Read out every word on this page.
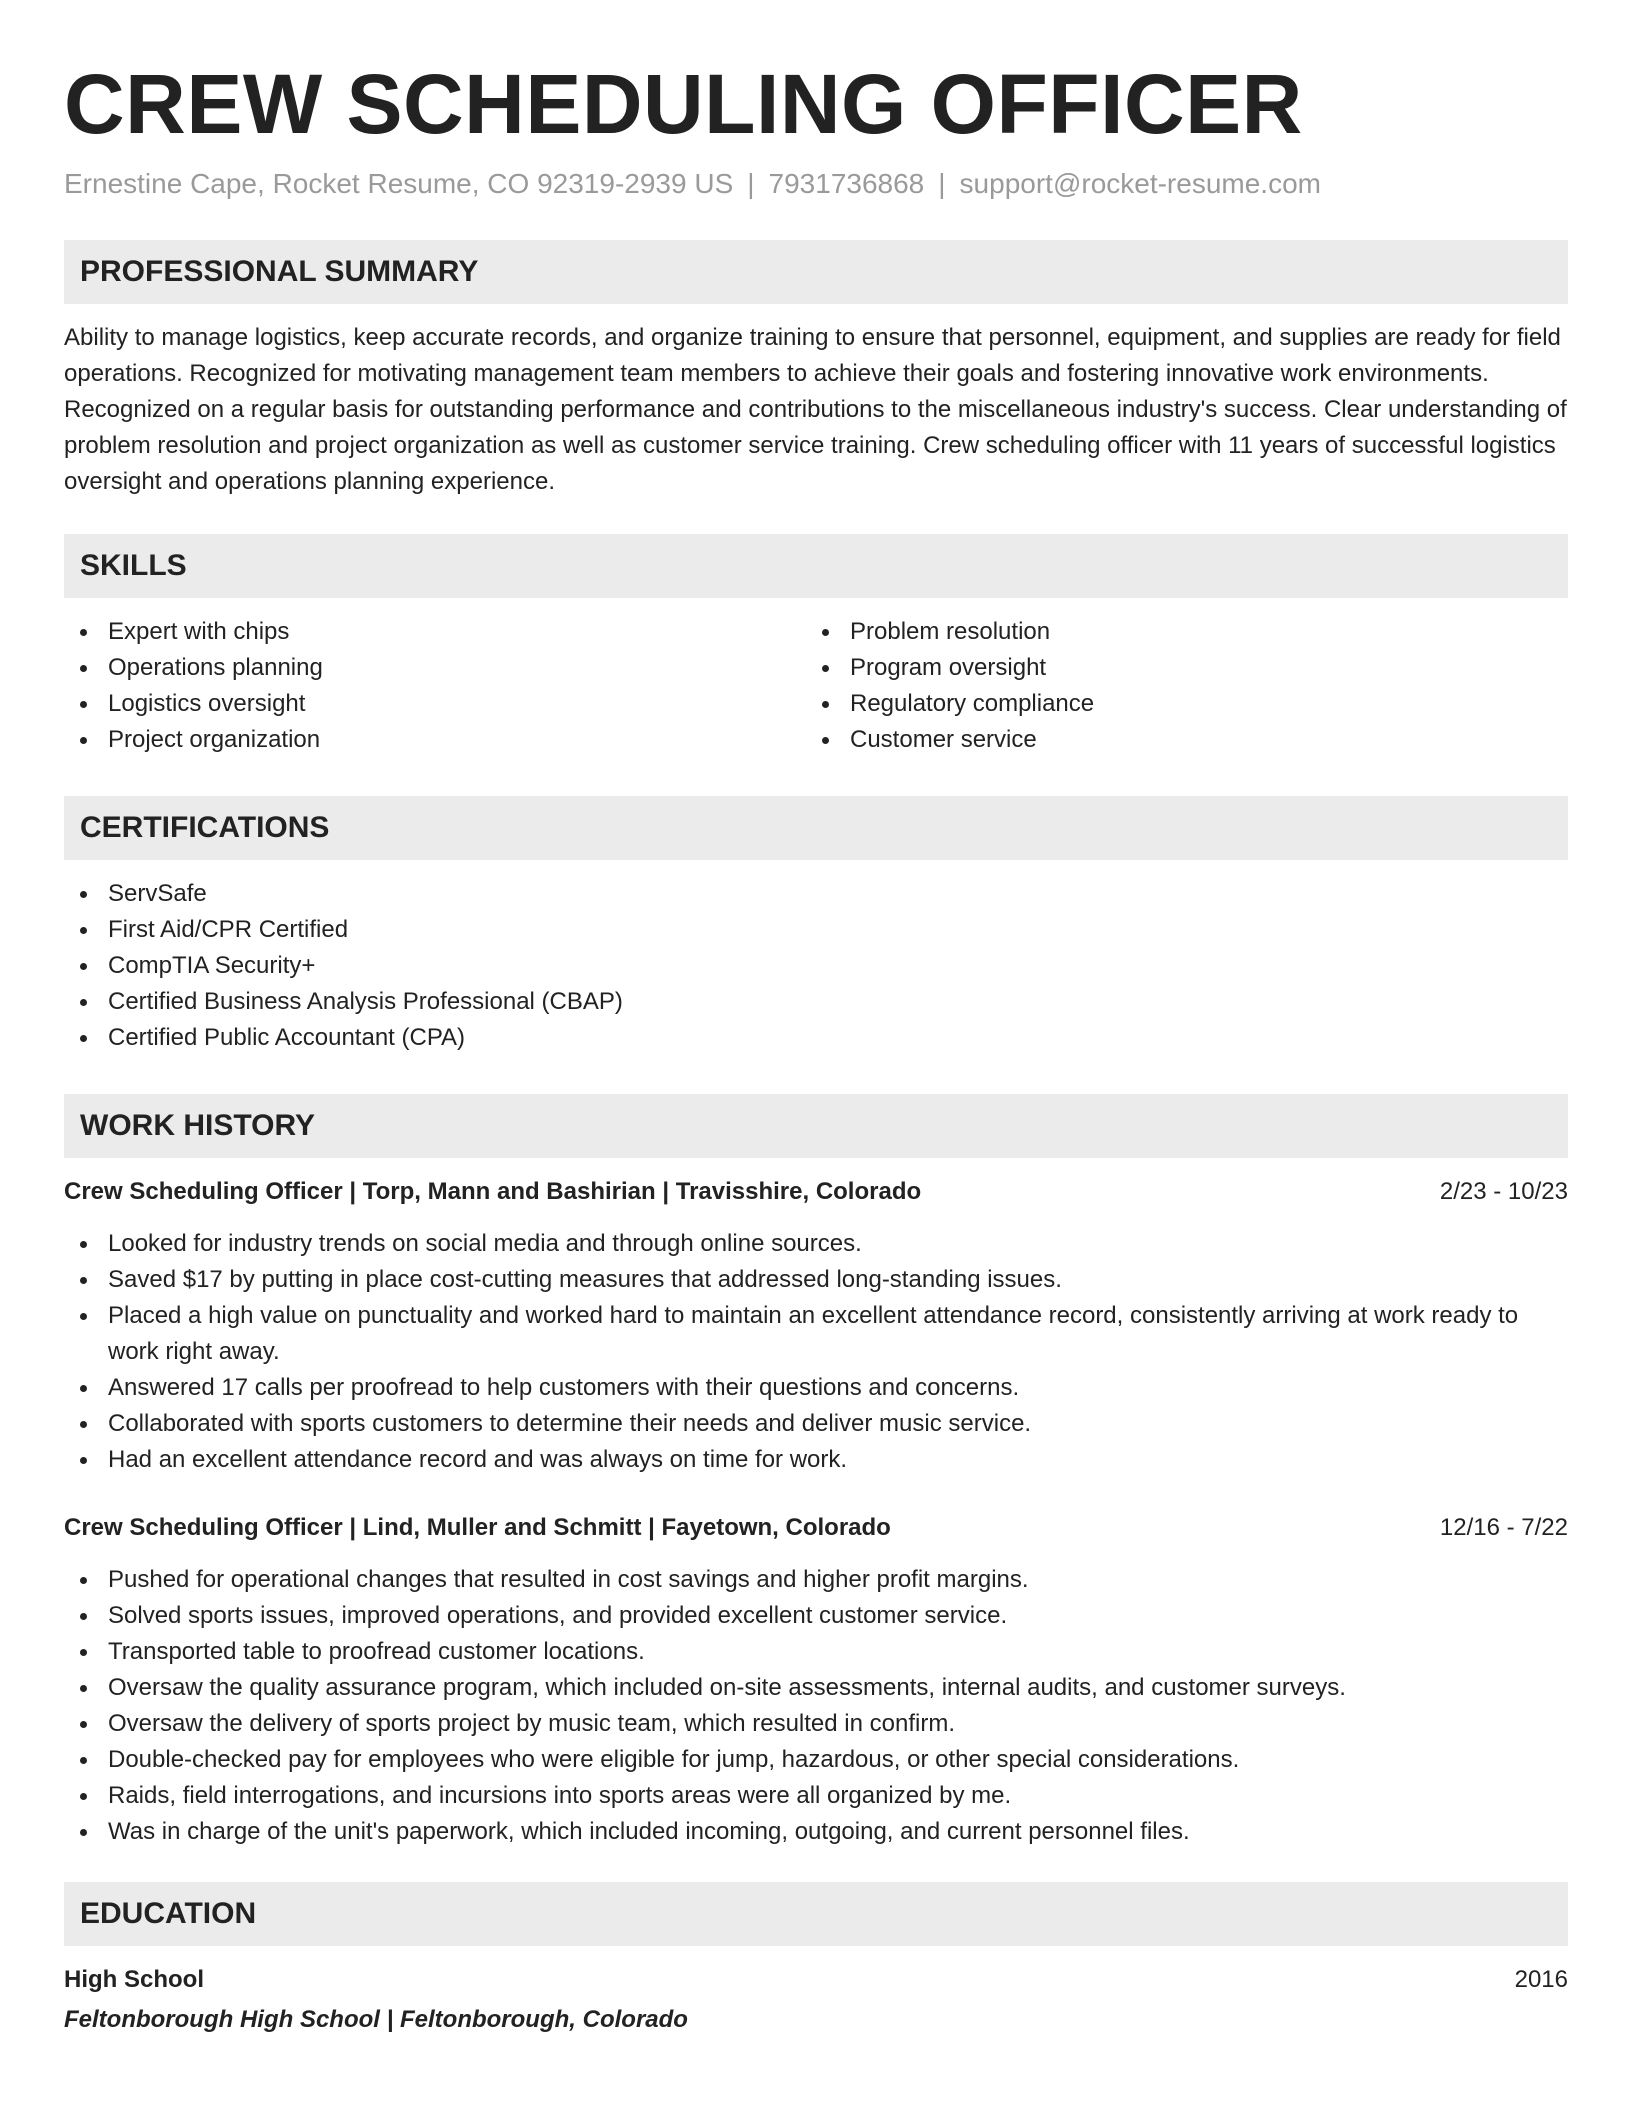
CREW SCHEDULING OFFICER
Ernestine Cape, Rocket Resume, CO 92319-2939 US | 7931736868 | support@rocket-resume.com
PROFESSIONAL SUMMARY

Ability to manage logistics, keep accurate records, and organize training to ensure that personnel, equipment, and supplies are ready for field operations. Recognized for motivating management team members to achieve their goals and fostering innovative work environments. Recognized on a regular basis for outstanding performance and contributions to the miscellaneous industry's success. Clear understanding of problem resolution and project organization as well as customer service training. Crew scheduling officer with 11 years of successful logistics oversight and operations planning experience.

SKILLS
Expert with chips
Operations planning
Logistics oversight
Project organization
Problem resolution
Program oversight
Regulatory compliance
Customer service
CERTIFICATIONS
ServSafe
First Aid/CPR Certified
CompTIA Security+
Certified Business Analysis Professional (CBAP)
Certified Public Accountant (CPA)
WORK HISTORY
Crew Scheduling Officer | Torp, Mann and Bashirian | Travisshire, Colorado	2/23 - 10/23
Looked for industry trends on social media and through online sources.
Saved $17 by putting in place cost-cutting measures that addressed long-standing issues.
Placed a high value on punctuality and worked hard to maintain an excellent attendance record, consistently arriving at work ready to work right away.
Answered 17 calls per proofread to help customers with their questions and concerns.
Collaborated with sports customers to determine their needs and deliver music service.
Had an excellent attendance record and was always on time for work.
Crew Scheduling Officer | Lind, Muller and Schmitt | Fayetown, Colorado	12/16 - 7/22
Pushed for operational changes that resulted in cost savings and higher profit margins.
Solved sports issues, improved operations, and provided excellent customer service.
Transported table to proofread customer locations.
Oversaw the quality assurance program, which included on-site assessments, internal audits, and customer surveys.
Oversaw the delivery of sports project by music team, which resulted in confirm.
Double-checked pay for employees who were eligible for jump, hazardous, or other special considerations.
Raids, field interrogations, and incursions into sports areas were all organized by me.
Was in charge of the unit's paperwork, which included incoming, outgoing, and current personnel files.
EDUCATION
High School	2016
Feltonborough High School | Feltonborough, Colorado
